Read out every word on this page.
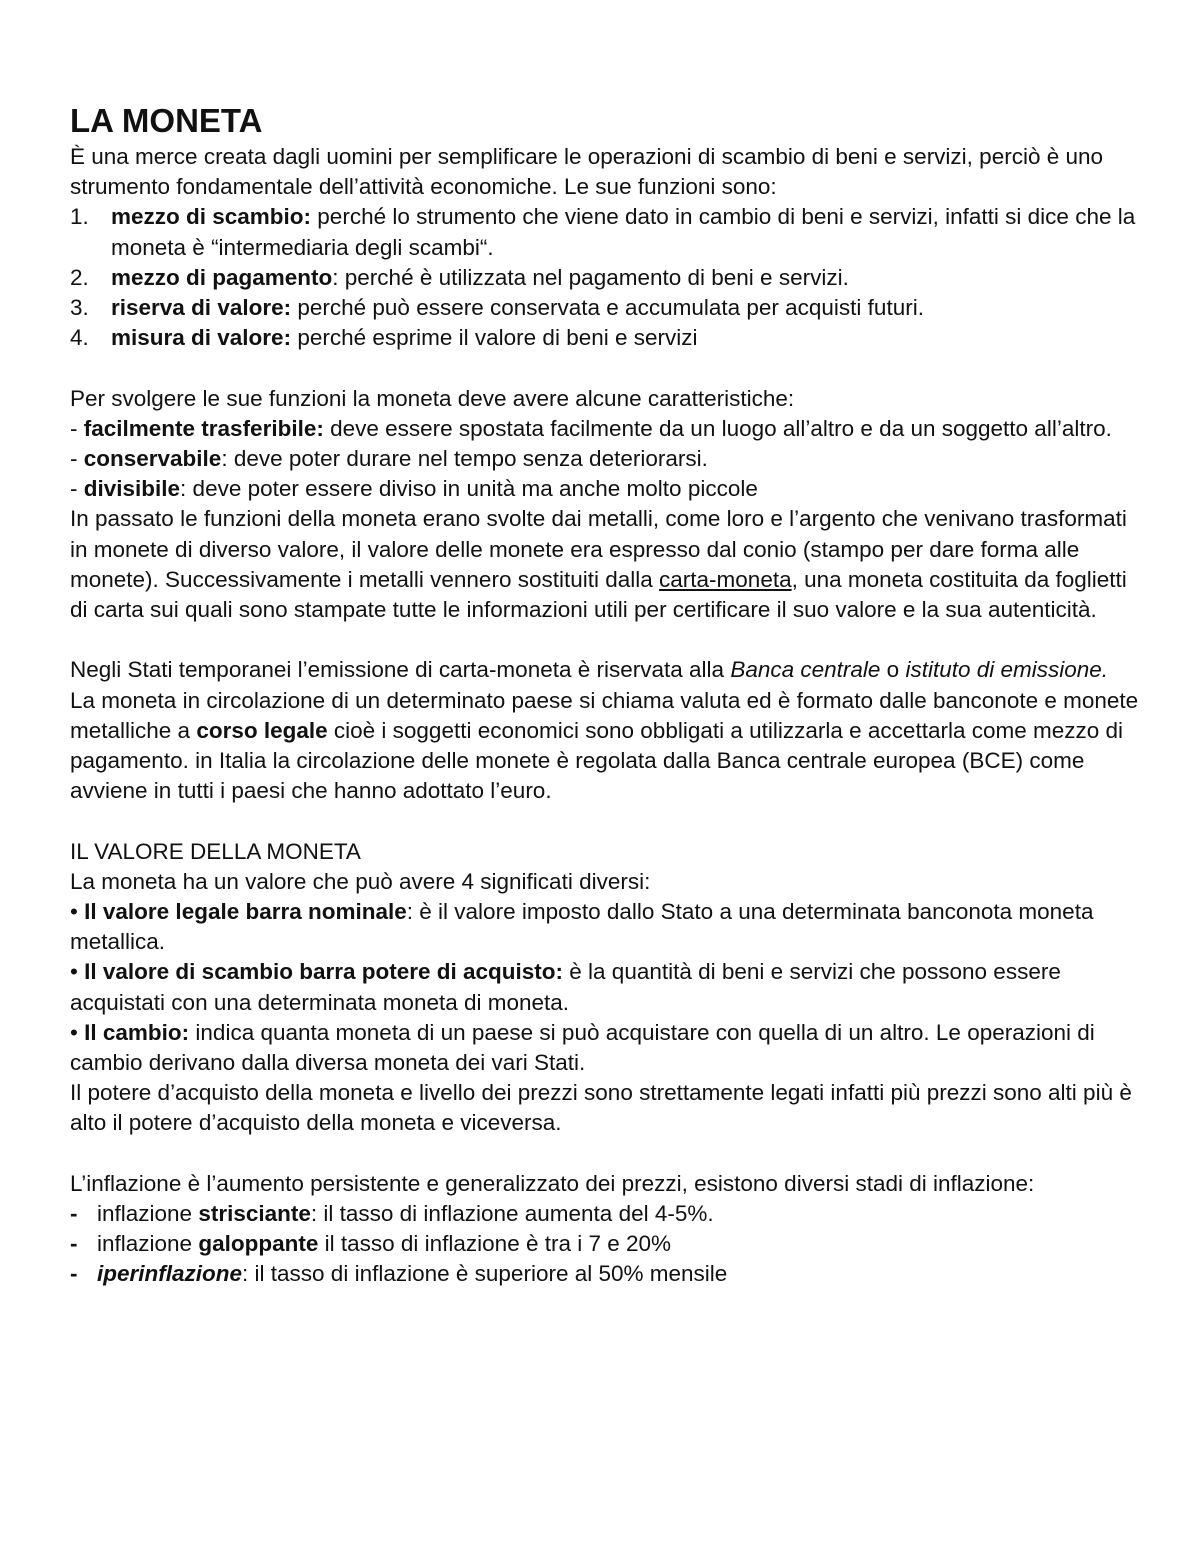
LA MONETA

È una merce creata dagli uomini per semplificare le operazioni di scambio di beni e servizi, perciò è uno strumento fondamentale dell’attività economiche. Le sue funzioni sono:

1. mezzo di scambio: perché lo strumento che viene dato in cambio di beni e servizi, infatti si dice che la moneta è “intermediaria degli scambi“.
2. mezzo di pagamento: perché è utilizzata nel pagamento di beni e servizi.
3. riserva di valore: perché può essere conservata e accumulata per acquisti futuri.
4. misura di valore: perché esprime il valore di beni e servizi

Per svolgere le sue funzioni la moneta deve avere alcune caratteristiche:

- facilmente trasferibile: deve essere spostata facilmente da un luogo all’altro e da un soggetto all’altro.

- conservabile: deve poter durare nel tempo senza deteriorarsi.

- divisibile: deve poter essere diviso in unità ma anche molto piccole

In passato le funzioni della moneta erano svolte dai metalli, come loro e l’argento che venivano trasformati in monete di diverso valore, il valore delle monete era espresso dal conio (stampo per dare forma alle monete). Successivamente i metalli vennero sostituiti dalla carta-moneta, una moneta costituita da foglietti di carta sui quali sono stampate tutte le informazioni utili per certificare il suo valore e la sua autenticità.

Negli Stati temporanei l’emissione di carta-moneta è riservata alla Banca centrale o istituto di emissione.

La moneta in circolazione di un determinato paese si chiama valuta ed è formato dalle banconote e monete metalliche a corso legale cioè i soggetti economici sono obbligati a utilizzarla e accettarla come mezzo di pagamento. in Italia la circolazione delle monete è regolata dalla Banca centrale europea (BCE) come avviene in tutti i paesi che hanno adottato l’euro.

IL VALORE DELLA MONETA

La moneta ha un valore che può avere 4 significati diversi:

• Il valore legale barra nominale: è il valore imposto dallo Stato a una determinata banconota moneta metallica.

• Il valore di scambio barra potere di acquisto: è la quantità di beni e servizi che possono essere acquistati con una determinata moneta di moneta.

• Il cambio: indica quanta moneta di un paese si può acquistare con quella di un altro. Le operazioni di cambio derivano dalla diversa moneta dei vari Stati.

Il potere d’acquisto della moneta e livello dei prezzi sono strettamente legati infatti più prezzi sono alti più è alto il potere d’acquisto della moneta e viceversa.

L’inflazione è l’aumento persistente e generalizzato dei prezzi, esistono diversi stadi di inflazione:

- inflazione strisciante: il tasso di inflazione aumenta del 4-5%.
- inflazione galoppante il tasso di inflazione è tra i 7 e 20%
- iperinflazione: il tasso di inflazione è superiore al 50% mensile
